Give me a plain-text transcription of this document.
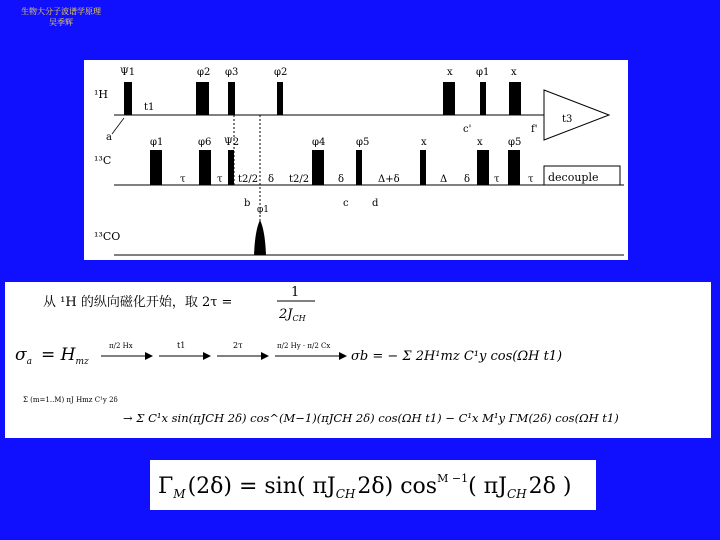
生物大分子波谱学原理
吴季辉
¹H
¹³C
¹³CO
Ψ1	φ2 φ3	φ2	x φ1 x
t1
t3
φ1	φ6 Ψ2	φ4	φ5	x	x	φ5
τ	τ t2/2 δ t2/2	δ	Δ+δ	Δ δ τ	τ decouple
a
b	c d
c'	f'
φ1
从 ¹H 的纵向磁化开始，取 2τ =
1
$2J_{CH}$
$\sigma_a = H_{mz}$
π/2 Hx	t1	2τ	π/2 Hy · π/2 Cx
σb = − Σ 2H¹mz C¹y cos(ΩH t1)
Σ (m=1..M) πJ Hmz C¹y 2δ
→ Σ C¹x sin(πJCH 2δ) cos^(M−1)(πJCH 2δ) cos(ΩH t1) − C¹x M¹y ΓM(2δ) cos(ΩH t1)
$\Gamma_M(2\delta) = \sin$( $\pi J_{CH}2\delta$) $\cos^{M -1}$( $\pi J_{CH}2\delta$ )
